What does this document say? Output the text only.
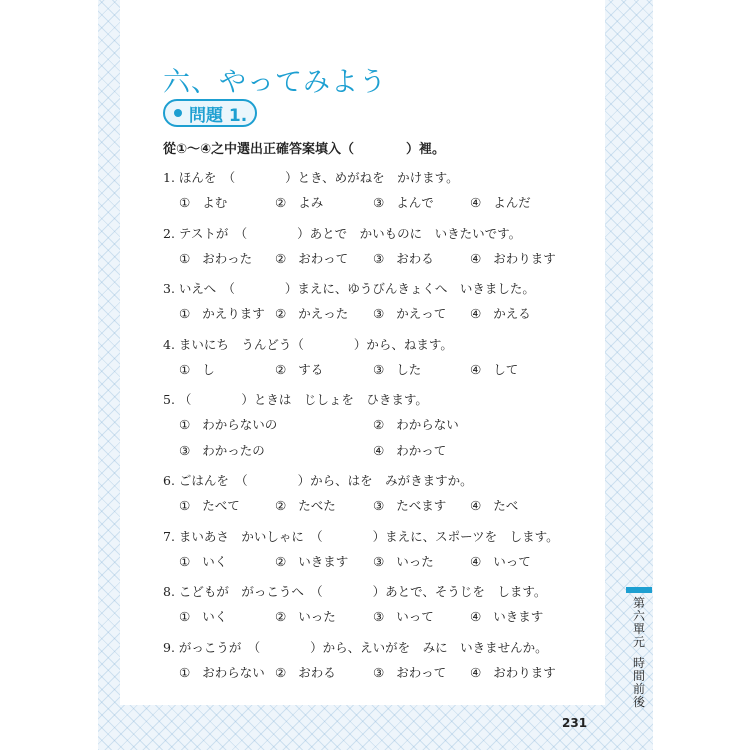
六、やってみよう
問題 1.
從①～④之中選出正確答案填入（　　　　）裡。
1. ほんを　（　　　　）とき、めがねを　かけます。
① よむ	② よみ	③ よんで	④ よんだ
2. テストが　（　　　　）あとで　かいものに　いきたいです。
① おわった ② おわって ③ おわる	④ おわります
3. いえへ　（　　　　）まえに、ゆうびんきょくへ　いきました。
① かえります ② かえった ③ かえって ④ かえる
4. まいにち　うんどう（　　　　）から、ねます。
① し	② する	③ した	④ して
5. （　　　　）ときは　じしょを　ひきます。
① わからないの	② わからない
③ わかったの	④ わかって
6. ごはんを　（　　　　）から、はを　みがきますか。
① たべて	② たべた	③ たべます ④ たべ
7. まいあさ　かいしゃに　（　　　　）まえに、スポーツを　します。
① いく	② いきます ③ いった	④ いって
8. こどもが　がっこうへ　（　　　　）あとで、そうじを　します。
① いく	② いった	③ いって	④ いきます
9. がっこうが　（　　　　）から、えいがを　みに　いきませんか。
① おわらない ② おわる	③ おわって ④ おわります
第
六
單
元
時
間
前
後
231
